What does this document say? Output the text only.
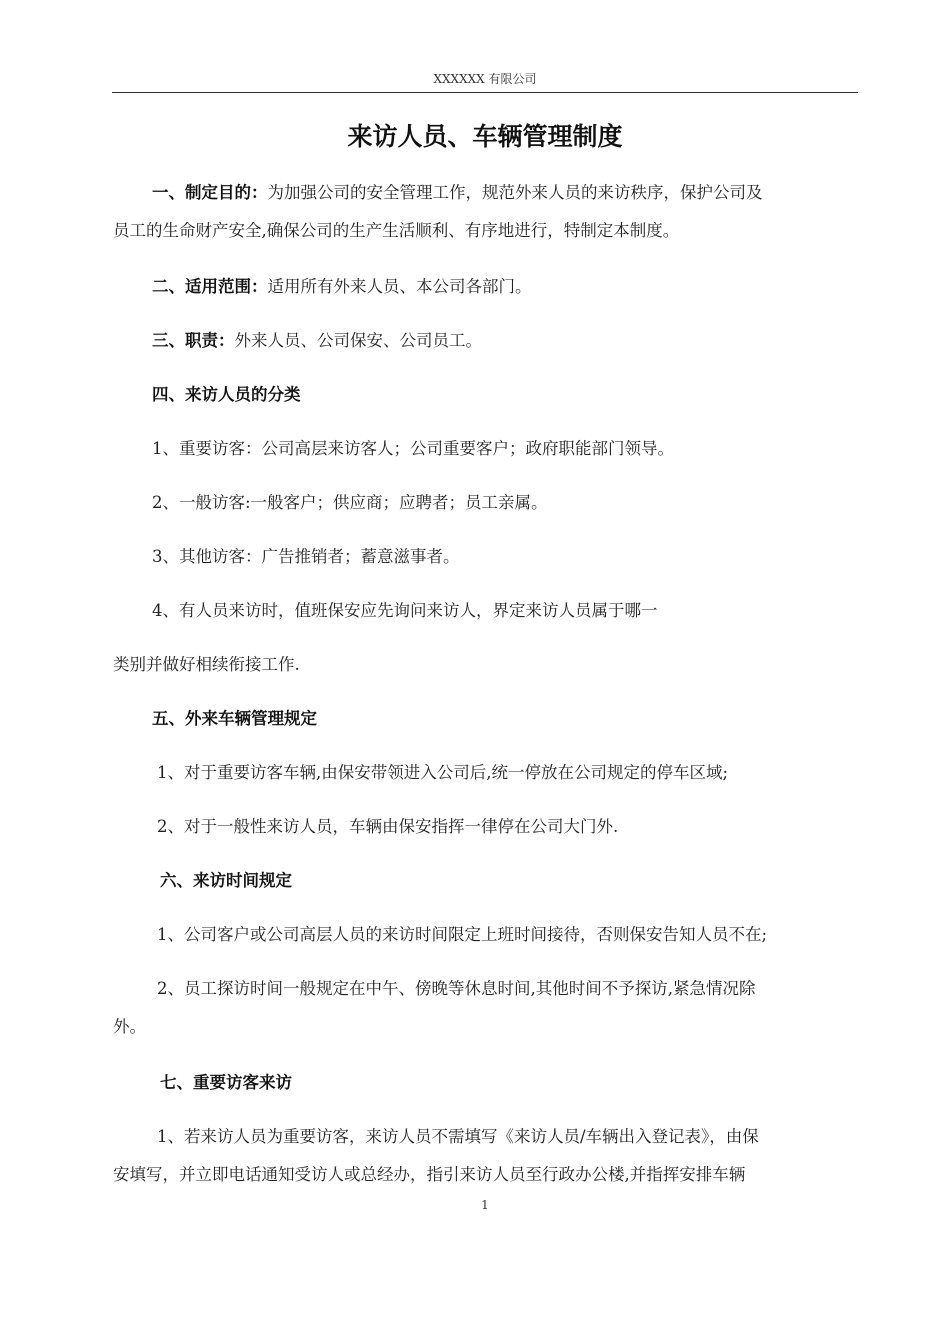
XXXXXX 有限公司
来访人员、车辆管理制度
一、制定目的：为加强公司的安全管理工作，规范外来人员的来访秩序，保护公司及
员工的生命财产安全,确保公司的生产生活顺利、有序地进行，特制定本制度。
二、适用范围：适用所有外来人员、本公司各部门。
三、职责：外来人员、公司保安、公司员工。
四、来访人员的分类
1、重要访客：公司高层来访客人；公司重要客户；政府职能部门领导。
2、一般访客:一般客户；供应商；应聘者；员工亲属。
3、其他访客：广告推销者；蓄意滋事者。
4、有人员来访时，值班保安应先询问来访人，界定来访人员属于哪一
类别并做好相续衔接工作.
五、外来车辆管理规定
1、对于重要访客车辆,由保安带领进入公司后,统一停放在公司规定的停车区域;
2、对于一般性来访人员，车辆由保安指挥一律停在公司大门外.
六、来访时间规定
1、公司客户或公司高层人员的来访时间限定上班时间接待，否则保安告知人员不在;
2、员工探访时间一般规定在中午、傍晚等休息时间,其他时间不予探访,紧急情况除
外。
七、重要访客来访
1、若来访人员为重要访客，来访人员不需填写《来访人员/车辆出入登记表》，由保
安填写，并立即电话通知受访人或总经办，指引来访人员至行政办公楼,并指挥安排车辆
1
